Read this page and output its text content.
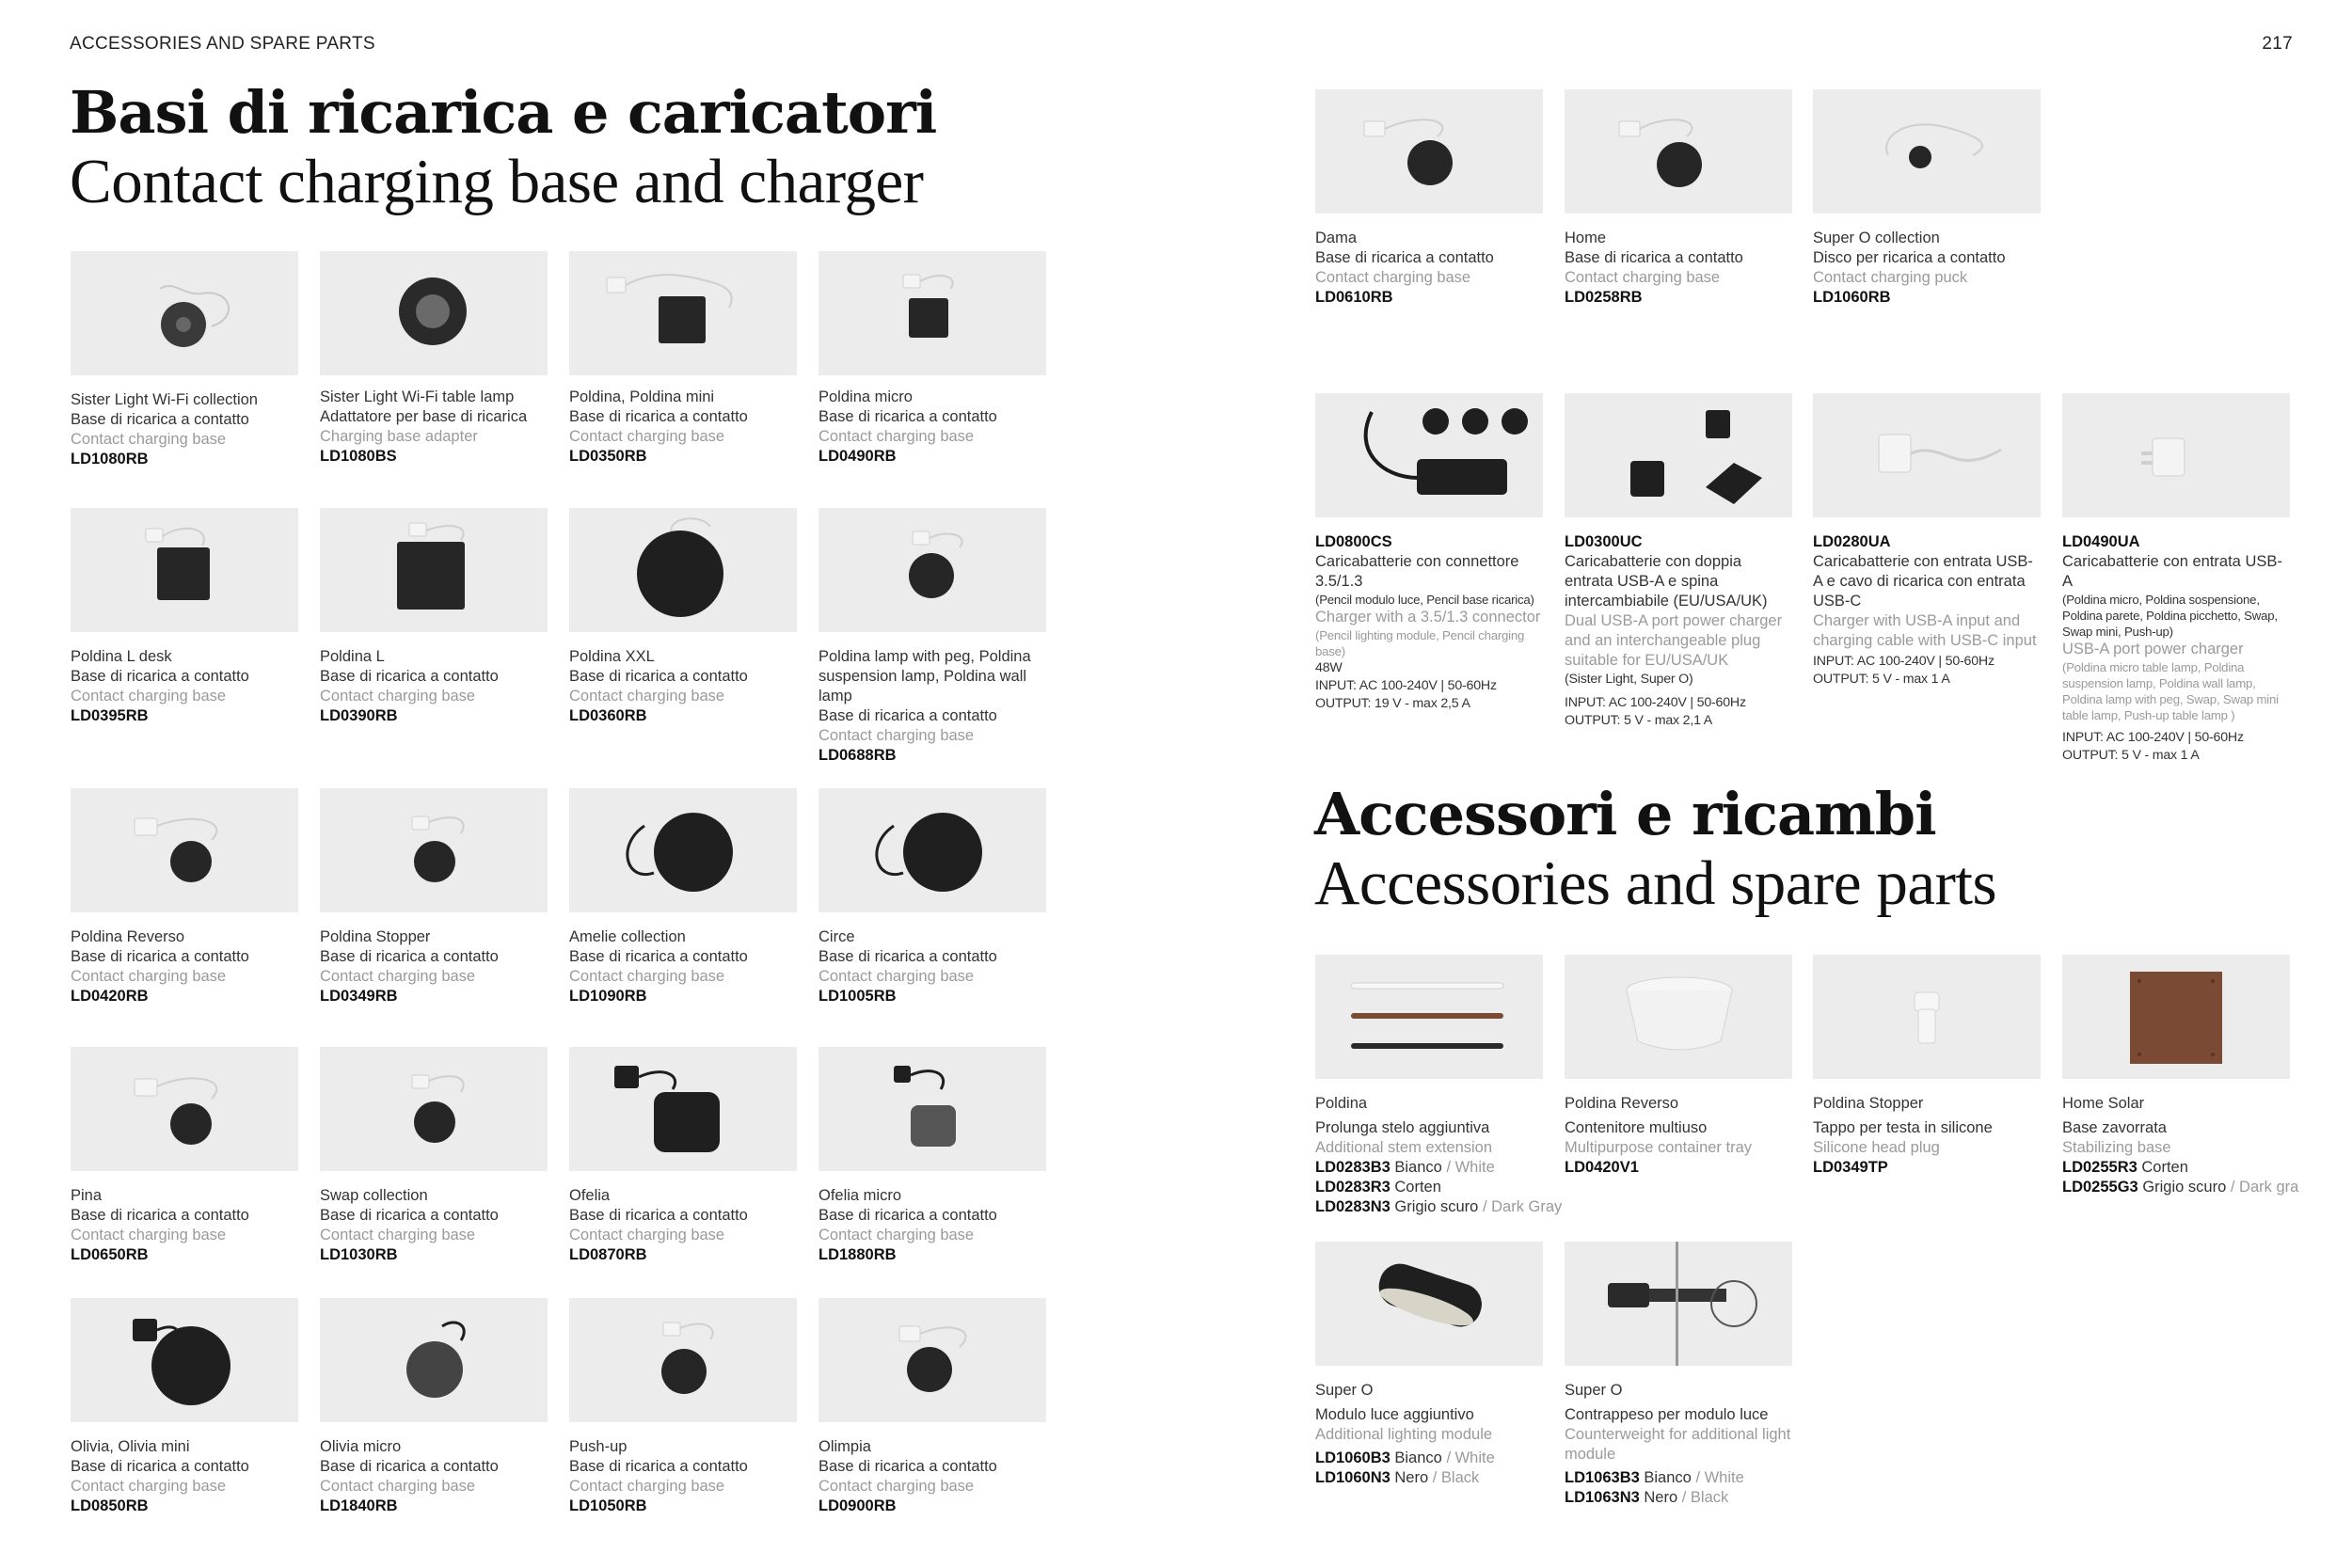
ACCESSORIES AND SPARE PARTS	217
Basi di ricarica e caricatori
Contact charging base and charger
Accessori e ricambi
Accessories and spare parts
Sister Light Wi-Fi collection
Base di ricarica a contatto
Contact charging base
LD1080RB
Sister Light Wi-Fi table lamp
Adattatore per base di ricarica
Charging base adapter
LD1080BS
Poldina, Poldina mini
Base di ricarica a contatto
Contact charging base
LD0350RB
Poldina micro
Base di ricarica a contatto
Contact charging base
LD0490RB
Poldina L desk
Base di ricarica a contatto
Contact charging base
LD0395RB
Poldina L
Base di ricarica a contatto
Contact charging base
LD0390RB
Poldina XXL
Base di ricarica a contatto
Contact charging base
LD0360RB
Poldina lamp with peg, Poldina suspension lamp, Poldina wall lamp
Base di ricarica a contatto
Contact charging base
LD0688RB
Poldina Reverso
Base di ricarica a contatto
Contact charging base
LD0420RB
Poldina Stopper
Base di ricarica a contatto
Contact charging base
LD0349RB
Amelie collection
Base di ricarica a contatto
Contact charging base
LD1090RB
Circe
Base di ricarica a contatto
Contact charging base
LD1005RB
Pina
Base di ricarica a contatto
Contact charging base
LD0650RB
Swap collection
Base di ricarica a contatto
Contact charging base
LD1030RB
Ofelia
Base di ricarica a contatto
Contact charging base
LD0870RB
Ofelia micro
Base di ricarica a contatto
Contact charging base
LD1880RB
Olivia, Olivia mini
Base di ricarica a contatto
Contact charging base
LD0850RB
Olivia micro
Base di ricarica a contatto
Contact charging base
LD1840RB
Push-up
Base di ricarica a contatto
Contact charging base
LD1050RB
Olimpia
Base di ricarica a contatto
Contact charging base
LD0900RB
Dama
Base di ricarica a contatto
Contact charging base
LD0610RB
Home
Base di ricarica a contatto
Contact charging base
LD0258RB
Super O collection
Disco per ricarica a contatto
Contact charging puck
LD1060RB
LD0800CS
Caricabatterie con connettore 3.5/1.3
(Pencil modulo luce, Pencil base ricarica)
Charger with a 3.5/1.3 connector
(Pencil lighting module, Pencil charging base)
48W
INPUT: AC 100-240V | 50-60Hz
OUTPUT: 19 V - max 2,5 A
LD0300UC
Caricabatterie con doppia entrata USB-A e spina intercambiabile (EU/USA/UK)
Dual USB-A port power charger and an interchangeable plug suitable for EU/USA/UK
(Sister Light, Super O)
INPUT: AC 100-240V | 50-60Hz
OUTPUT: 5 V - max 2,1 A
LD0280UA
Caricabatterie con entrata USB-A e cavo di ricarica con entrata USB-C
Charger with USB-A input and charging cable with USB-C input
INPUT: AC 100-240V | 50-60Hz
OUTPUT: 5 V - max 1 A
LD0490UA
Caricabatterie con entrata USB-A
(Poldina micro, Poldina sospensione, Poldina parete, Poldina picchetto, Swap, Swap mini, Push-up)
USB-A port power charger
(Poldina micro table lamp, Poldina suspension lamp, Poldina wall lamp, Poldina lamp with peg, Swap, Swap mini table lamp, Push-up table lamp )
INPUT: AC 100-240V | 50-60Hz
OUTPUT: 5 V - max 1 A
Poldina
Prolunga stelo aggiuntiva
Additional stem extension
LD0283B3 Bianco / White
LD0283R3 Corten
LD0283N3 Grigio scuro / Dark Gray
Poldina Reverso
Contenitore multiuso
Multipurpose container tray
LD0420V1
Poldina Stopper
Tappo per testa in silicone
Silicone head plug
LD0349TP
Home Solar
Base zavorrata
Stabilizing base
LD0255R3 Corten
LD0255G3 Grigio scuro / Dark gra
Super O
Modulo luce aggiuntivo
Additional lighting module
LD1060B3 Bianco / White
LD1060N3 Nero / Black
Super O
Contrappeso per modulo luce
Counterweight for additional light module
LD1063B3 Bianco / White
LD1063N3 Nero / Black
